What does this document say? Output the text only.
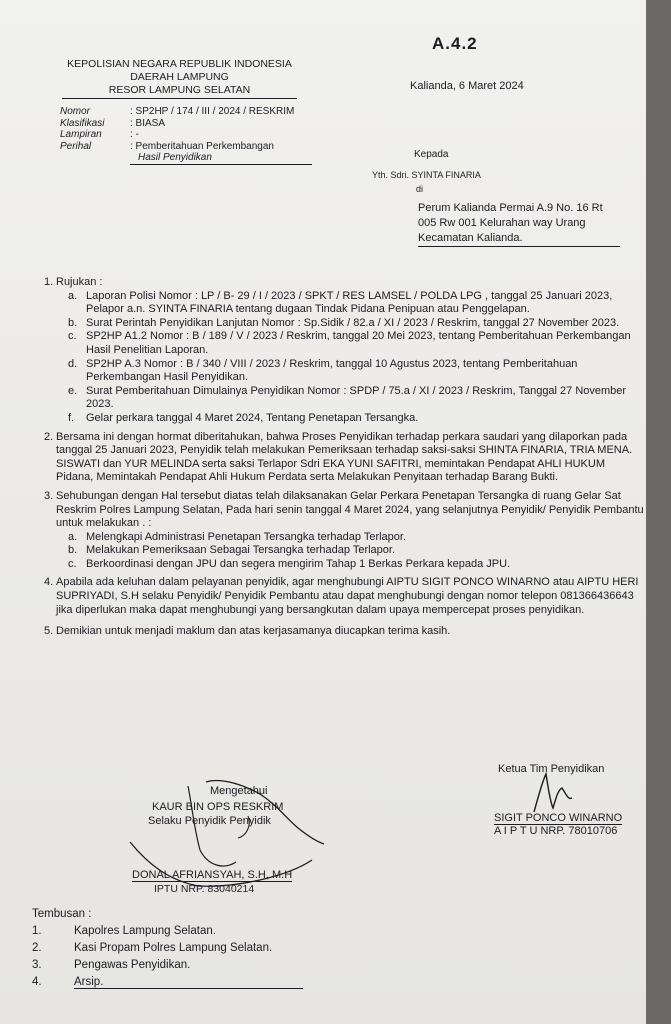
A.4.2
KEPOLISIAN NEGARA REPUBLIK INDONESIA
DAERAH LAMPUNG
RESOR LAMPUNG SELATAN	Kalianda, 6 Maret 2024
Nomor	: SP2HP / 174 / III / 2024 / RESKRIM
Klasifikasi	: BIASA
Lampiran	: -
Perihal	: Pemberitahuan Perkembangan
	Hasil Penyidikan	Kepada
Yth. Sdri. SYINTA FINARIA
di
Perum Kalianda Permai A.9 No. 16 Rt
005 Rw 001 Kelurahan way Urang
Kecamatan Kalianda.
1. Rujukan :

a. Laporan Polisi Nomor : LP / B- 29 / I / 2023 / SPKT / RES LAMSEL / POLDA LPG , tanggal 25 Januari 2023, Pelapor a.n. SYINTA FINARIA tentang dugaan Tindak Pidana Penipuan atau Penggelapan.

b. Surat Perintah Penyidikan Lanjutan Nomor : Sp.Sidik / 82.a / XI / 2023 / Reskrim, tanggal 27 November 2023.

c. SP2HP A1.2 Nomor : B / 189 / V / 2023 / Reskrim, tanggal 20 Mei 2023, tentang Pemberitahuan Perkembangan Hasil Penelitian Laporan.

d. SP2HP A.3 Nomor : B / 340 / VIII / 2023 / Reskrim, tanggal 10 Agustus 2023, tentang Pemberitahuan Perkembangan Hasil Penyidikan.

e. Surat Pemberitahuan Dimulainya Penyidikan Nomor : SPDP / 75.a / XI / 2023 / Reskrim, Tanggal 27 November 2023.

f. Gelar perkara tanggal 4 Maret 2024, Tentang Penetapan Tersangka.

2. Bersama ini dengan hormat diberitahukan, bahwa Proses Penyidikan terhadap perkara saudari yang dilaporkan pada tanggal 25 Januari 2023, Penyidik telah melakukan Pemeriksaan terhadap saksi-saksi SHINTA FINARIA, TRIA MENA. SISWATI dan YUR MELINDA serta saksi Terlapor Sdri EKA YUNI SAFITRI, memintakan Pendapat AHLI HUKUM Pidana, Memintakah Pendapat Ahli Hukum Perdata serta Melakukan Penyitaan terhadap Barang Bukti.

3. Sehubungan dengan Hal tersebut diatas telah dilaksanakan Gelar Perkara Penetapan Tersangka di ruang Gelar Sat Reskrim Polres Lampung Selatan, Pada hari senin tanggal 4 Maret 2024, yang selanjutnya Penyidik/ Penyidik Pembantu untuk melakukan . :

a. Melengkapi Administrasi Penetapan Tersangka terhadap Terlapor.

b. Melakukan Pemeriksaan Sebagai Tersangka terhadap Terlapor.

c. Berkoordinasi dengan JPU dan segera mengirim Tahap 1 Berkas Perkara kepada JPU.

4. Apabila ada keluhan dalam pelayanan penyidik, agar menghubungi AIPTU SIGIT PONCO WINARNO atau AIPTU HERI SUPRIYADI, S.H selaku Penyidik/ Penyidik Pembantu atau dapat menghubungi dengan nomor telepon 081366436643 jika diperlukan maka dapat menghubungi yang bersangkutan dalam upaya mempercepat proses penyidikan.

5. Demikian untuk menjadi maklum dan atas kerjasamanya diucapkan terima kasih.

Ketua Tim Penyidikan
SIGIT PONCO WINARNO
A I P T U NRP. 78010706
Mengetahui
KAUR BIN OPS RESKRIM
Selaku Penyidik Penyidik
DONAL AFRIANSYAH, S.H, M.H
IPTU NRP. 83040214
Tembusan :
1.	Kapolres Lampung Selatan.
2.	Kasi Propam Polres Lampung Selatan.
3.	Pengawas Penyidikan.
4.	Arsip.
